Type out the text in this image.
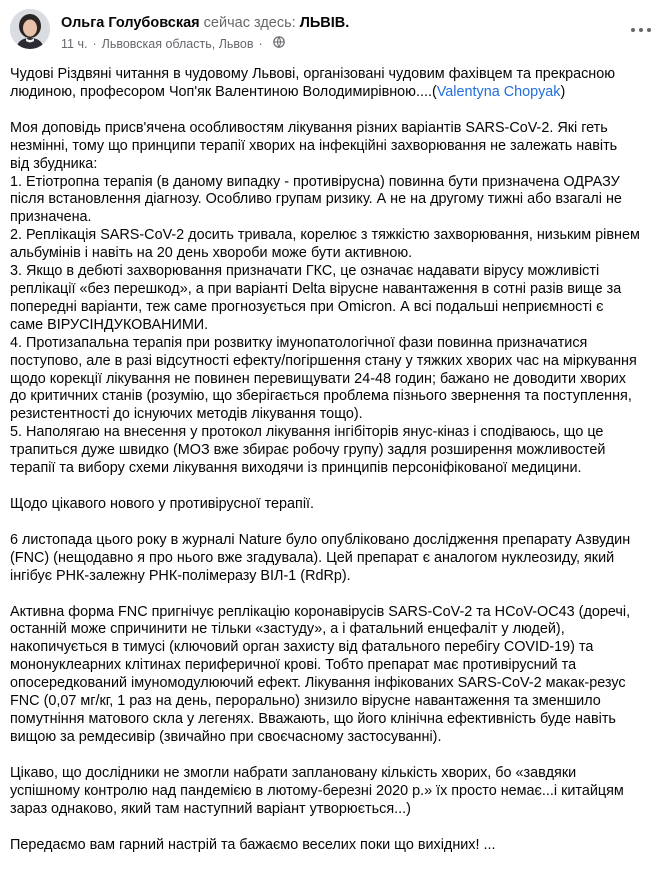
Ольга Голубовская сейчас здесь: ЛЬВІВ.
11 ч. · Львовская область, Львов ·
Чудові Різдвяні читання в чудовому Львові, організовані чудовим фахівцем та прекрасною
людиною, професором Чоп'як Валентиною Володимирівною....(Valentyna Chopyak)
Моя доповідь присв'ячена особливостям лікування різних варіантів SARS-CoV-2. Які геть
незмінні, тому що принципи терапії хворих на інфекційні захворювання не залежать навіть
від збудника:
1. Етіотропна терапія (в даному випадку - противірусна) повинна бути призначена ОДРАЗУ
після встановлення діагнозу. Особливо групам ризику. А не на другому тижні або взагалі не
призначена.
2. Реплікація SARS-CoV-2 досить тривала, корелює з тяжкістю захворювання, низьким рівнем
альбумінів і навіть на 20 день хвороби може бути активною.
3. Якщо в дебюті захворювання призначати ГКС, це означає надавати вірусу можливісті
реплікації «без перешкод», а при варіанті Delta вірусне навантаження в сотні разів вище за
попередні варіанти, теж саме прогнозується при Omicron. А всі подальші неприємності є
саме ВІРУСІНДУКОВАНИМИ.
4. Протизапальна терапія при розвитку імунопатологічної фази повинна призначатися
поступово, але в разі відсутності ефекту/погіршення стану у тяжких хворих час на міркування
щодо корекції лікування не повинен перевищувати 24-48 годин; бажано не доводити хворих
до критичних станів (розумію, що зберігається проблема пізнього звернення та поступлення,
резистентності до існуючих методів лікування тощо).
5. Наполягаю на внесення у протокол лікування інгібіторів янус-кіназ і сподіваюсь, що це
трапиться дуже швидко (МОЗ вже збирає робочу групу) задля розширення можливостей
терапії та вибору схеми лікування виходячи із принципів персоніфікованої медицини.
Щодо цікавого нового у противірусної терапії.
6 листопада цього року в журналі Nature було опубліковано дослідження препарату Азвудин
(FNC) (нещодавно я про нього вже згадувала). Цей препарат є аналогом нуклеозиду, який
інгібує РНК-залежну РНК-полімеразу ВІЛ-1 (RdRp).
Активна форма FNC пригнічує реплікацію коронавірусів SARS-CoV-2 та HCoV-OC43 (доречі,
останній може спричинити не тільки «застуду», а і фатальний енцефаліт у людей),
накопичується в тимусі (ключовий орган захисту від фатального перебігу COVID-19) та
мононуклеарних клітинах периферичної крові. Тобто препарат має противірусний та
опосередкований імуномодулюючий ефект. Лікування інфікованих SARS-CoV-2 макак-резус
FNC (0,07 мг/кг, 1 раз на день, перорально) знизило вірусне навантаження та зменшило
помутніння матового скла у легенях. Вважають, що його клінічна ефективність буде навіть
вищою за ремдесивір (звичайно при своєчасному застосуванні).
Цікаво, що дослідники не змогли набрати заплановану кількість хворих, бо «завдяки
успішному контролю над пандемією в лютому-березні 2020 р.» їх просто немає...і китайцям
зараз однаково, який там наступний варіант утворюється...)
Передаємо вам гарний настрій та бажаємо веселих поки що вихідних! ...
